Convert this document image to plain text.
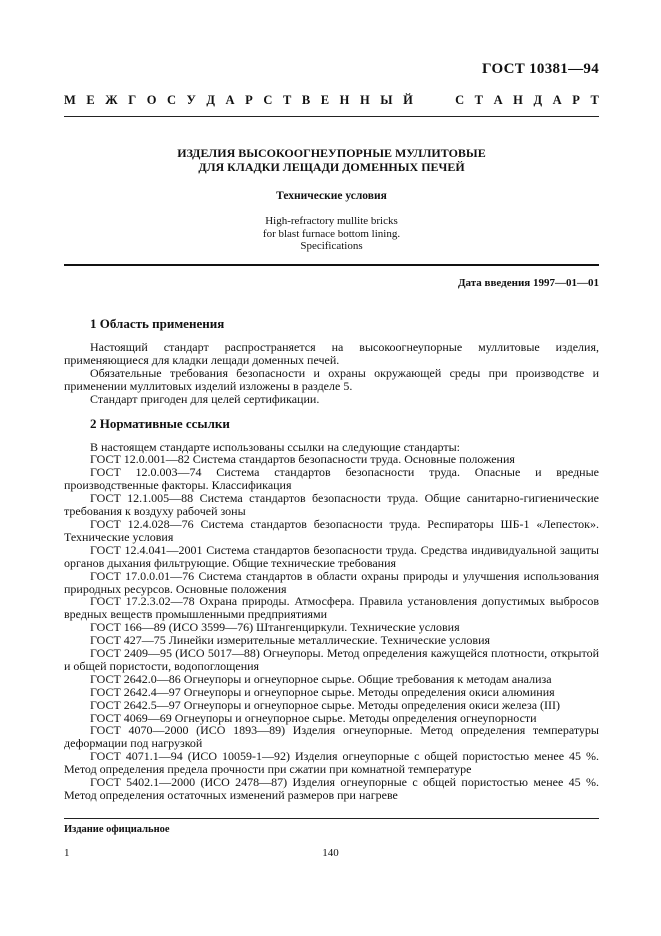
ГОСТ 10381—94
М Е Ж Г О С У Д А Р С Т В Е Н Н Ы Й	С Т А Н Д А Р Т
ИЗДЕЛИЯ ВЫСОКООГНЕУПОРНЫЕ МУЛЛИТОВЫЕ
ДЛЯ КЛАДКИ ЛЕЩАДИ ДОМЕННЫХ ПЕЧЕЙ
Технические условия
High-refractory mullite bricks
for blast furnace bottom lining.
Specifications
Дата введения 1997—01—01
1 Область применения

Настоящий стандарт распространяется на высокоогнеупорные муллитовые изделия, применяющиеся для кладки лещади доменных печей.

Обязательные требования безопасности и охраны окружающей среды при производстве и применении муллитовых изделий изложены в разделе 5.

Стандарт пригоден для целей сертификации.

2 Нормативные ссылки

В настоящем стандарте использованы ссылки на следующие стандарты:

ГОСТ 12.0.001—82 Система стандартов безопасности труда. Основные положения

ГОСТ 12.0.003—74 Система стандартов безопасности труда. Опасные и вредные производственные факторы. Классификация

ГОСТ 12.1.005—88 Система стандартов безопасности труда. Общие санитарно-гигиенические требования к воздуху рабочей зоны

ГОСТ 12.4.028—76 Система стандартов безопасности труда. Респираторы ШБ-1 «Лепесток». Технические условия

ГОСТ 12.4.041—2001 Система стандартов безопасности труда. Средства индивидуальной защиты органов дыхания фильтрующие. Общие технические требования

ГОСТ 17.0.0.01—76 Система стандартов в области охраны природы и улучшения использования природных ресурсов. Основные положения

ГОСТ 17.2.3.02—78 Охрана природы. Атмосфера. Правила установления допустимых выбросов вредных веществ промышленными предприятиями

ГОСТ 166—89 (ИСО 3599—76) Штангенциркули. Технические условия

ГОСТ 427—75 Линейки измерительные металлические. Технические условия

ГОСТ 2409—95 (ИСО 5017—88) Огнеупоры. Метод определения кажущейся плотности, открытой и общей пористости, водопоглощения

ГОСТ 2642.0—86 Огнеупоры и огнеупорное сырье. Общие требования к методам анализа

ГОСТ 2642.4—97 Огнеупоры и огнеупорное сырье. Методы определения окиси алюминия

ГОСТ 2642.5—97 Огнеупоры и огнеупорное сырье. Методы определения окиси железа (III)

ГОСТ 4069—69 Огнеупоры и огнеупорное сырье. Методы определения огнеупорности

ГОСТ 4070—2000 (ИСО 1893—89) Изделия огнеупорные. Метод определения температуры деформации под нагрузкой

ГОСТ 4071.1—94 (ИСО 10059-1—92) Изделия огнеупорные с общей пористостью менее 45 %. Метод определения предела прочности при сжатии при комнатной температуре

ГОСТ 5402.1—2000 (ИСО 2478—87) Изделия огнеупорные с общей пористостью менее 45 %. Метод определения остаточных изменений размеров при нагреве

Издание официальное
1	140
